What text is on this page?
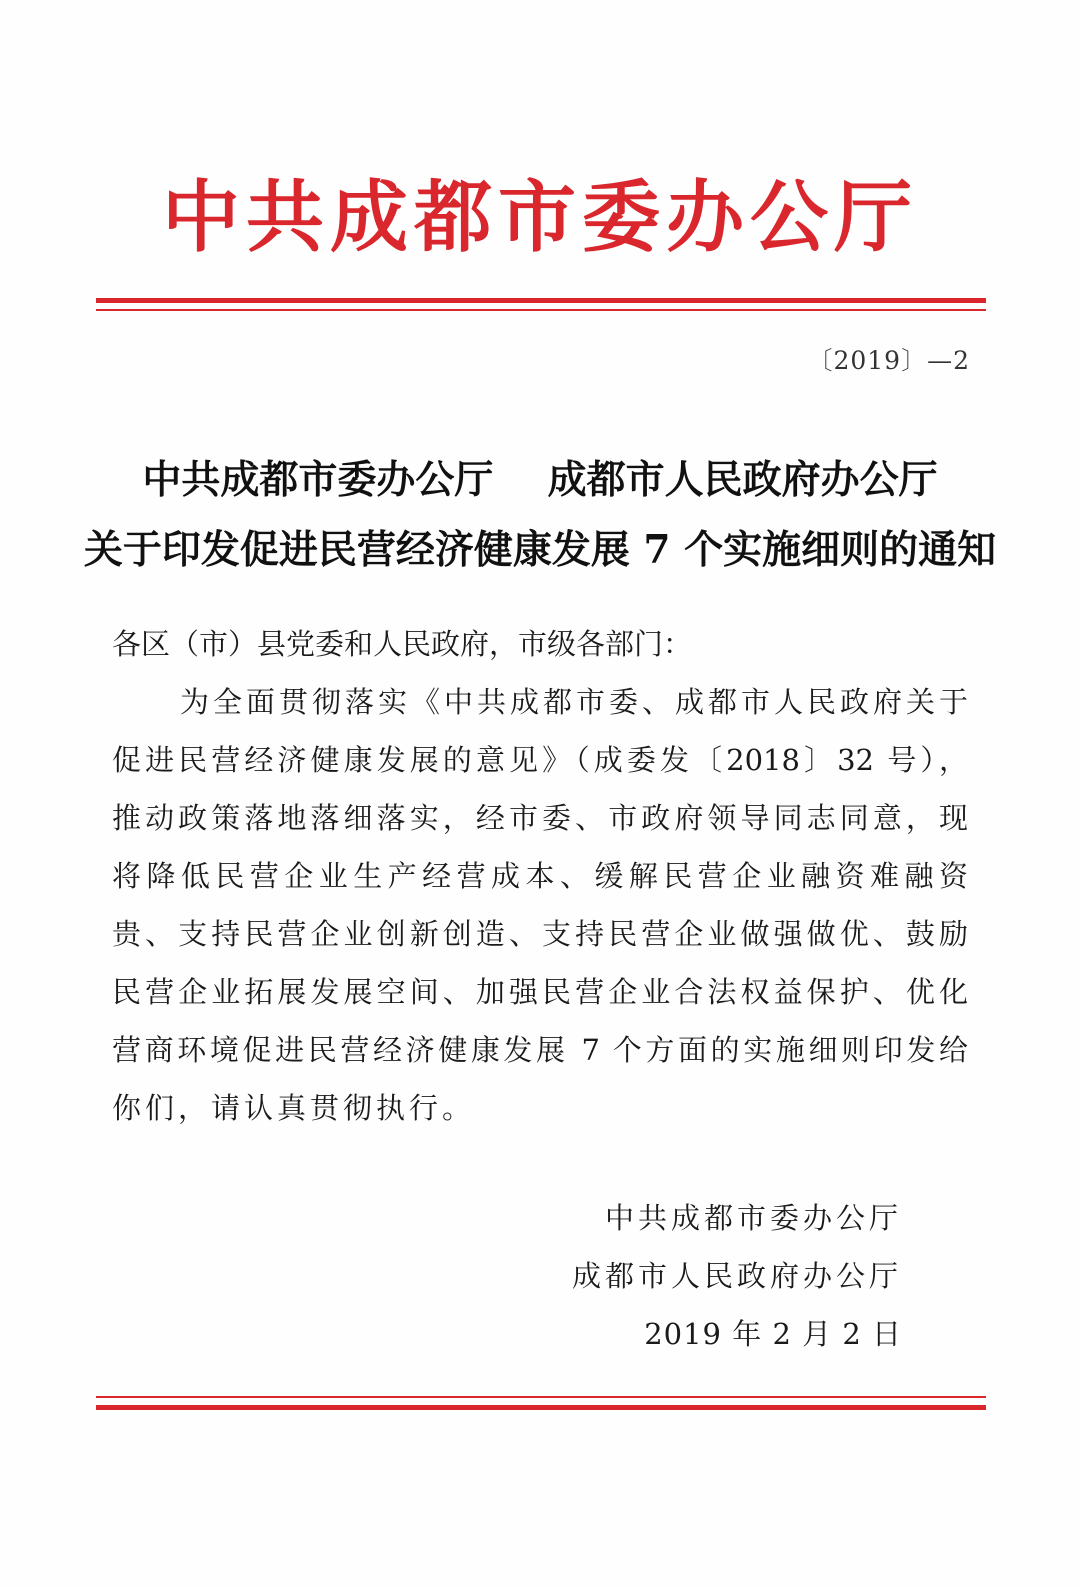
中共成都市委办公厅
〔2019〕—2
中共成都市委办公厅    成都市人民政府办公厅
关于印发促进民营经济健康发展 7 个实施细则的通知
各区（市）县党委和人民政府，市级各部门：
为全面贯彻落实《中共成都市委、成都市人民政府关于
促进民营经济健康发展的意见》（成委发〔2018〕32 号），
推动政策落地落细落实，经市委、市政府领导同志同意，现
将降低民营企业生产经营成本、缓解民营企业融资难融资
贵、支持民营企业创新创造、支持民营企业做强做优、鼓励
民营企业拓展发展空间、加强民营企业合法权益保护、优化
营商环境促进民营经济健康发展 7 个方面的实施细则印发给
你们，请认真贯彻执行。
中共成都市委办公厅
成都市人民政府办公厅
2019 年 2 月 2 日
